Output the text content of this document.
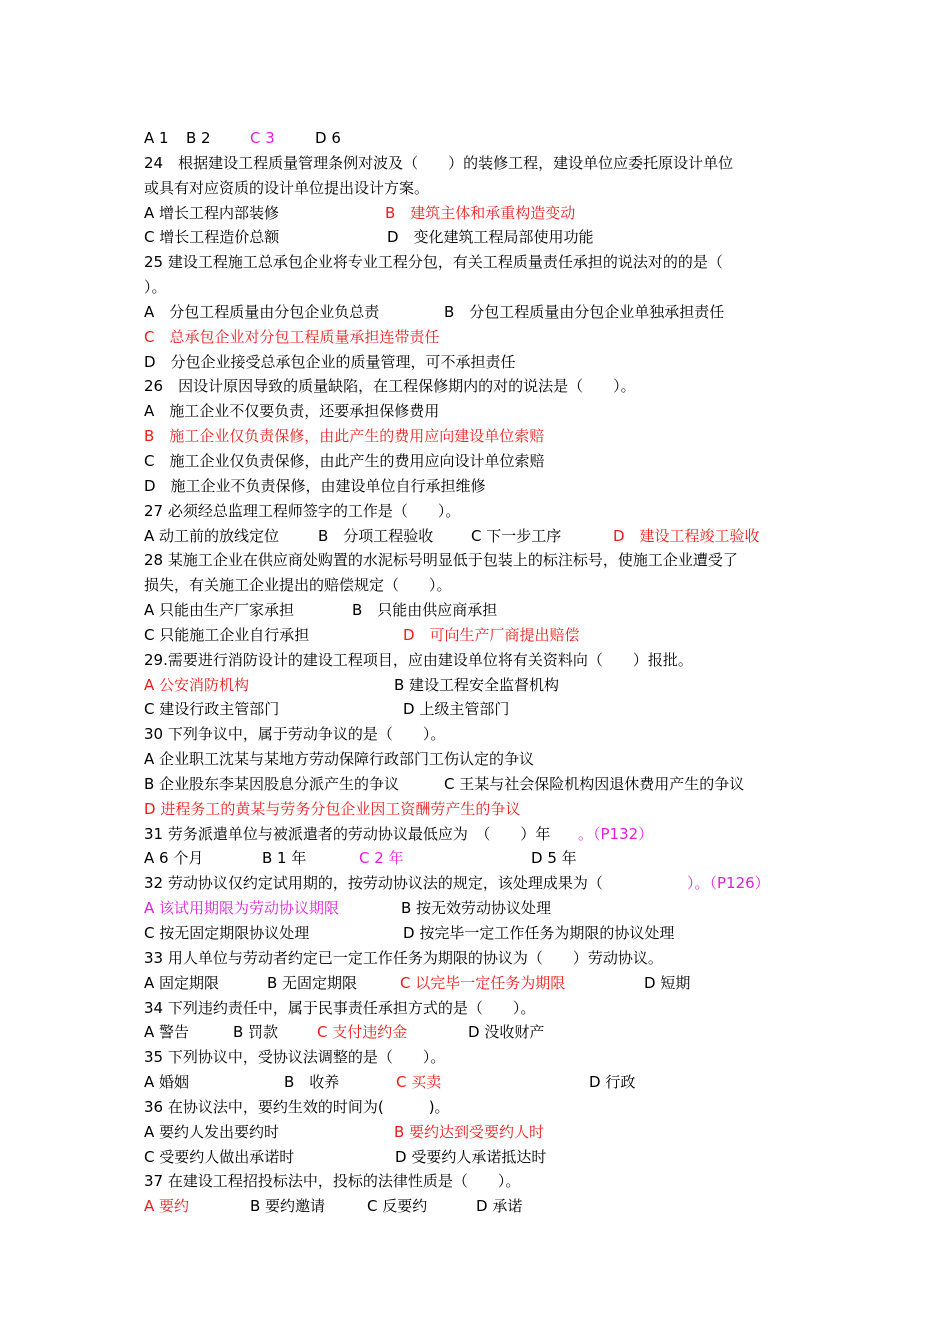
A 1 B 2	C 3	D 6
24　根据建设工程质量管理条例对波及（　　）的装修工程，建设单位应委托原设计单位
或具有对应资质的设计单位提出设计方案。
A 增长工程内部装修	B　建筑主体和承重构造变动
C 增长工程造价总额	D　变化建筑工程局部使用功能
25 建设工程施工总承包企业将专业工程分包，有关工程质量责任承担的说法对的的是（
）。
A　分包工程质量由分包企业负总责	B　分包工程质量由分包企业单独承担责任
C　总承包企业对分包工程质量承担连带责任
D　分包企业接受总承包企业的质量管理，可不承担责任
26　因设计原因导致的质量缺陷，在工程保修期内的对的说法是（　　）。
A　施工企业不仅要负责，还要承担保修费用
B　施工企业仅负责保修，由此产生的费用应向建设单位索赔
C　施工企业仅负责保修，由此产生的费用应向设计单位索赔
D　施工企业不负责保修，由建设单位自行承担维修
27 必须经总监理工程师签字的工作是（　　）。
A 动工前的放线定位	B　分项工程验收	C 下一步工序	D　建设工程竣工验收
28 某施工企业在供应商处购置的水泥标号明显低于包装上的标注标号，使施工企业遭受了
损失，有关施工企业提出的赔偿规定（　　）。
A 只能由生产厂家承担	B　只能由供应商承担
C 只能施工企业自行承担	D　可向生产厂商提出赔偿
29.需要进行消防设计的建设工程项目，应由建设单位将有关资料向（　　）报批。
A 公安消防机构	B 建设工程安全监督机构
C 建设行政主管部门	D 上级主管部门
30 下列争议中，属于劳动争议的是（　　）。
A 企业职工沈某与某地方劳动保障行政部门工伤认定的争议
B 企业股东李某因股息分派产生的争议	C 王某与社会保险机构因退休费用产生的争议
D 进程务工的黄某与劳务分包企业因工资酬劳产生的争议
31 劳务派遣单位与被派遣者的劳动协议最低应为　（　　）年 。（P132）
A 6 个月	B 1 年	C 2 年	D 5 年
32 劳动协议仅约定试用期的，按劳动协议法的规定，该处理成果为（	　）。（P126）
A 该试用期限为劳动协议期限	B 按无效劳动协议处理
C 按无固定期限协议处理	D 按完毕一定工作任务为期限的协议处理
33 用人单位与劳动者约定已一定工作任务为期限的协议为（　　）劳动协议。
A 固定期限	B 无固定期限	C 以完毕一定任务为期限	D 短期
34 下列违约责任中，属于民事责任承担方式的是（　　）。
A 警告	B 罚款	C 支付违约金	D 没收财产
35 下列协议中，受协议法调整的是（　　）。
A 婚姻	B　收养	C 买卖	D 行政
36 在协议法中，要约生效的时间为(　　　)。
A 要约人发出要约时	B 要约达到受要约人时
C 受要约人做出承诺时	D 受要约人承诺抵达时
37 在建设工程招投标法中，投标的法律性质是（　　）。
A 要约	B 要约邀请	C 反要约	D 承诺
